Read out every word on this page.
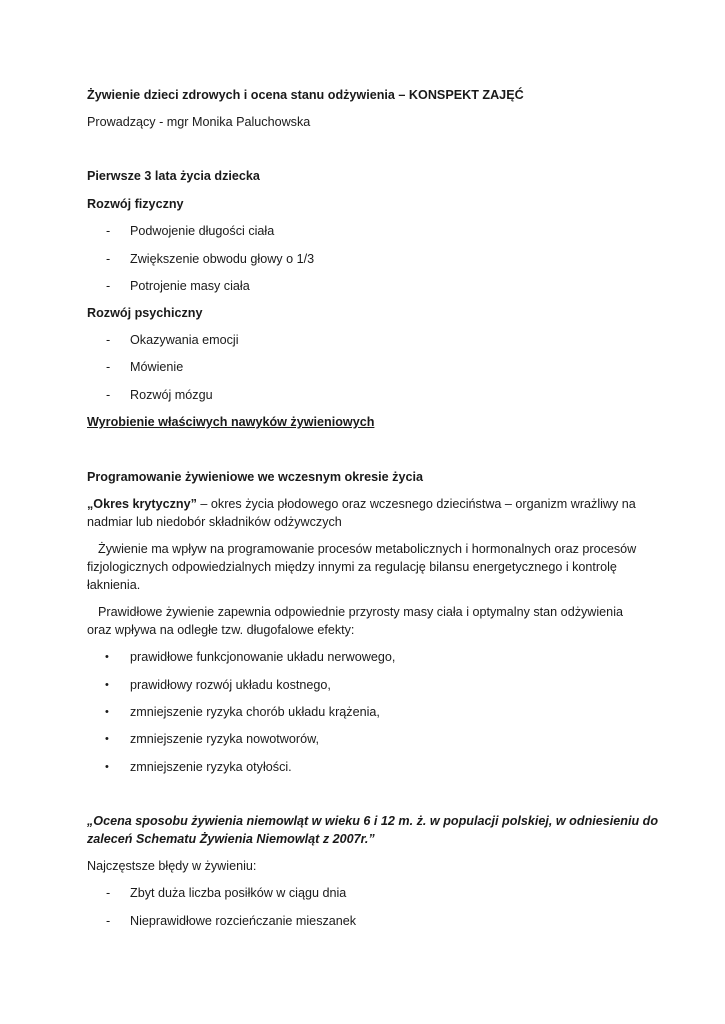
Żywienie dzieci zdrowych i ocena stanu odżywienia – KONSPEKT ZAJĘĆ
Prowadzący - mgr Monika Paluchowska
Pierwsze 3 lata życia dziecka
Rozwój fizyczny
- Podwojenie długości ciała
- Zwiększenie obwodu głowy o 1/3
- Potrojenie masy ciała
Rozwój psychiczny
- Okazywania emocji
- Mówienie
- Rozwój mózgu
Wyrobienie właściwych nawyków żywieniowych
Programowanie żywieniowe we wczesnym okresie życia
„Okres krytyczny” – okres życia płodowego oraz wczesnego dzieciństwa – organizm wrażliwy na
nadmiar lub niedobór składników odżywczych
Żywienie ma wpływ na programowanie procesów metabolicznych i hormonalnych oraz procesów
fizjologicznych odpowiedzialnych między innymi za regulację bilansu energetycznego i kontrolę
łaknienia.
Prawidłowe żywienie zapewnia odpowiednie przyrosty masy ciała i optymalny stan odżywienia
oraz wpływa na odległe tzw. długofalowe efekty:
• prawidłowe funkcjonowanie układu nerwowego,
• prawidłowy rozwój układu kostnego,
• zmniejszenie ryzyka chorób układu krążenia,
• zmniejszenie ryzyka nowotworów,
• zmniejszenie ryzyka otyłości.
„Ocena sposobu żywienia niemowląt w wieku 6 i 12 m. ż. w populacji polskiej, w odniesieniu do
zaleceń Schematu Żywienia Niemowląt z 2007r.”
Najczęstsze błędy w żywieniu:
- Zbyt duża liczba posiłków w ciągu dnia
- Nieprawidłowe rozcieńczanie mieszanek
